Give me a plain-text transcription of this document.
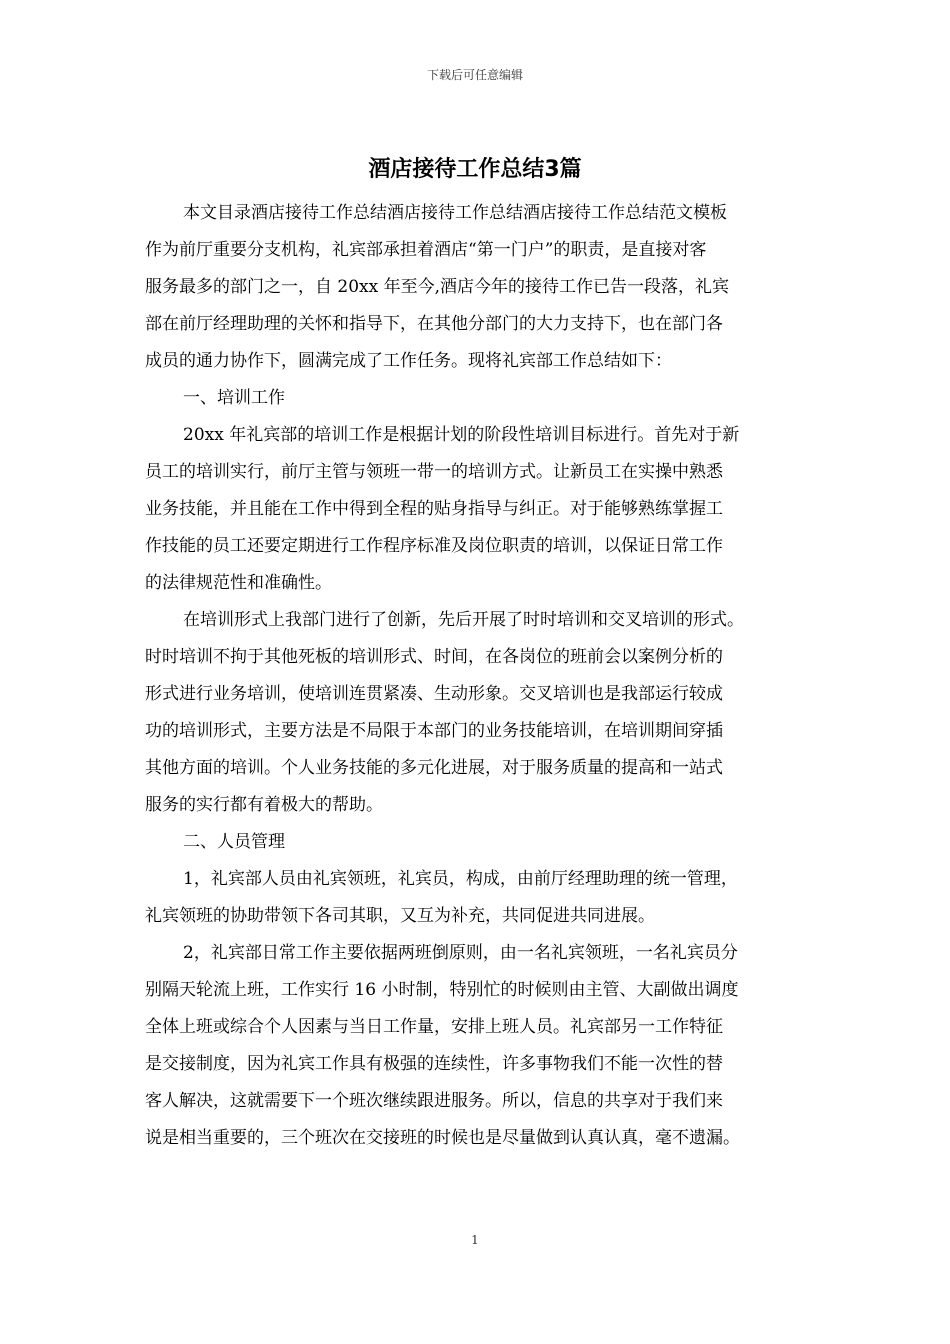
下载后可任意编辑
酒店接待工作总结3篇

本文目录酒店接待工作总结酒店接待工作总结酒店接待工作总结范文模板
作为前厅重要分支机构，礼宾部承担着酒店“第一门户”的职责，是直接对客
服务最多的部门之一，自 20xx 年至今,酒店今年的接待工作已告一段落，礼宾
部在前厅经理助理的关怀和指导下，在其他分部门的大力支持下，也在部门各
成员的通力协作下，圆满完成了工作任务。现将礼宾部工作总结如下：

一、培训工作

20xx 年礼宾部的培训工作是根据计划的阶段性培训目标进行。首先对于新
员工的培训实行，前厅主管与领班一带一的培训方式。让新员工在实操中熟悉
业务技能，并且能在工作中得到全程的贴身指导与纠正。对于能够熟练掌握工
作技能的员工还要定期进行工作程序标准及岗位职责的培训，以保证日常工作
的法律规范性和准确性。

在培训形式上我部门进行了创新，先后开展了时时培训和交叉培训的形式。
时时培训不拘于其他死板的培训形式、时间，在各岗位的班前会以案例分析的
形式进行业务培训，使培训连贯紧凑、生动形象。交叉培训也是我部运行较成
功的培训形式，主要方法是不局限于本部门的业务技能培训，在培训期间穿插
其他方面的培训。个人业务技能的多元化进展，对于服务质量的提高和一站式
服务的实行都有着极大的帮助。

二、人员管理

1，礼宾部人员由礼宾领班，礼宾员，构成，由前厅经理助理的统一管理，
礼宾领班的协助带领下各司其职，又互为补充，共同促进共同进展。

2，礼宾部日常工作主要依据两班倒原则，由一名礼宾领班，一名礼宾员分
别隔天轮流上班，工作实行 16 小时制，特别忙的时候则由主管、大副做出调度
全体上班或综合个人因素与当日工作量，安排上班人员。礼宾部另一工作特征
是交接制度，因为礼宾工作具有极强的连续性，许多事物我们不能一次性的替
客人解决，这就需要下一个班次继续跟进服务。所以，信息的共享对于我们来
说是相当重要的，三个班次在交接班的时候也是尽量做到认真认真，毫不遗漏。

1
